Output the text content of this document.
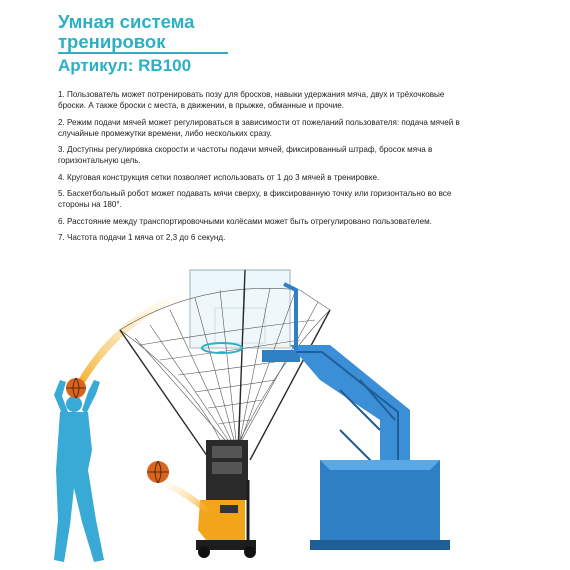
Умная система тренировок
Артикул: RB100

1. Пользователь может потренировать позу для бросков, навыки удержания мяча, двух и трёхочковые броски. А также броски с места, в движении, в прыжке, обманные и прочие.

2. Режим подачи мячей может регулироваться в зависимости от пожеланий пользователя: подача мячей в случайные промежутки времени, либо нескольких сразу.

3. Доступны регулировка скорости и частоты подачи мячей, фиксированный штраф, бросок мяча в горизонтальную цель.

4. Круговая конструкция сетки позволяет использовать от 1 до 3 мячей в тренировке.

5. Баскетбольный робот может подавать мячи сверху, в фиксированную точку или горизонтально во все стороны на 180°.

6. Расстояние между транспортировочными колёсами может быть отрегулировано пользователем.

7. Частота подачи 1 мяча от 2,3 до 6 секунд.
